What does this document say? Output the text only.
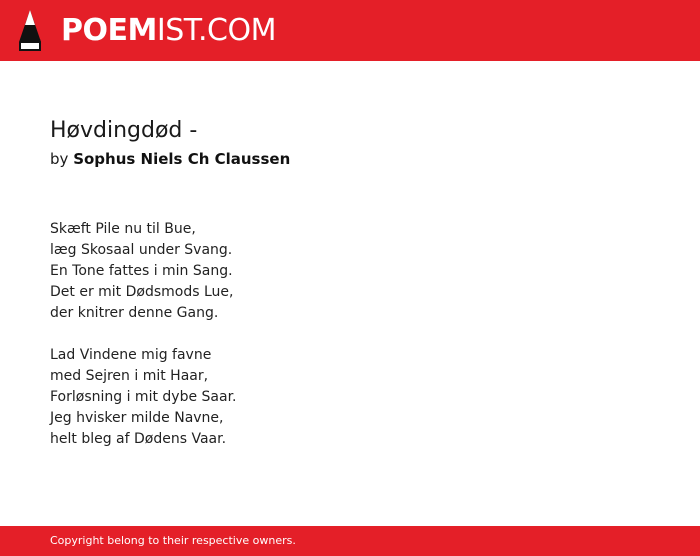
POEMIST.COM
Høvdingdød -
by Sophus Niels Ch Claussen
Skæft Pile nu til Bue,
læg Skosaal under Svang.
En Tone fattes i min Sang.
Det er mit Dødsmods Lue,
der knitrer denne Gang.
Lad Vindene mig favne
med Sejren i mit Haar,
Forløsning i mit dybe Saar.
Jeg hvisker milde Navne,
helt bleg af Dødens Vaar.
Copyright belong to their respective owners.
